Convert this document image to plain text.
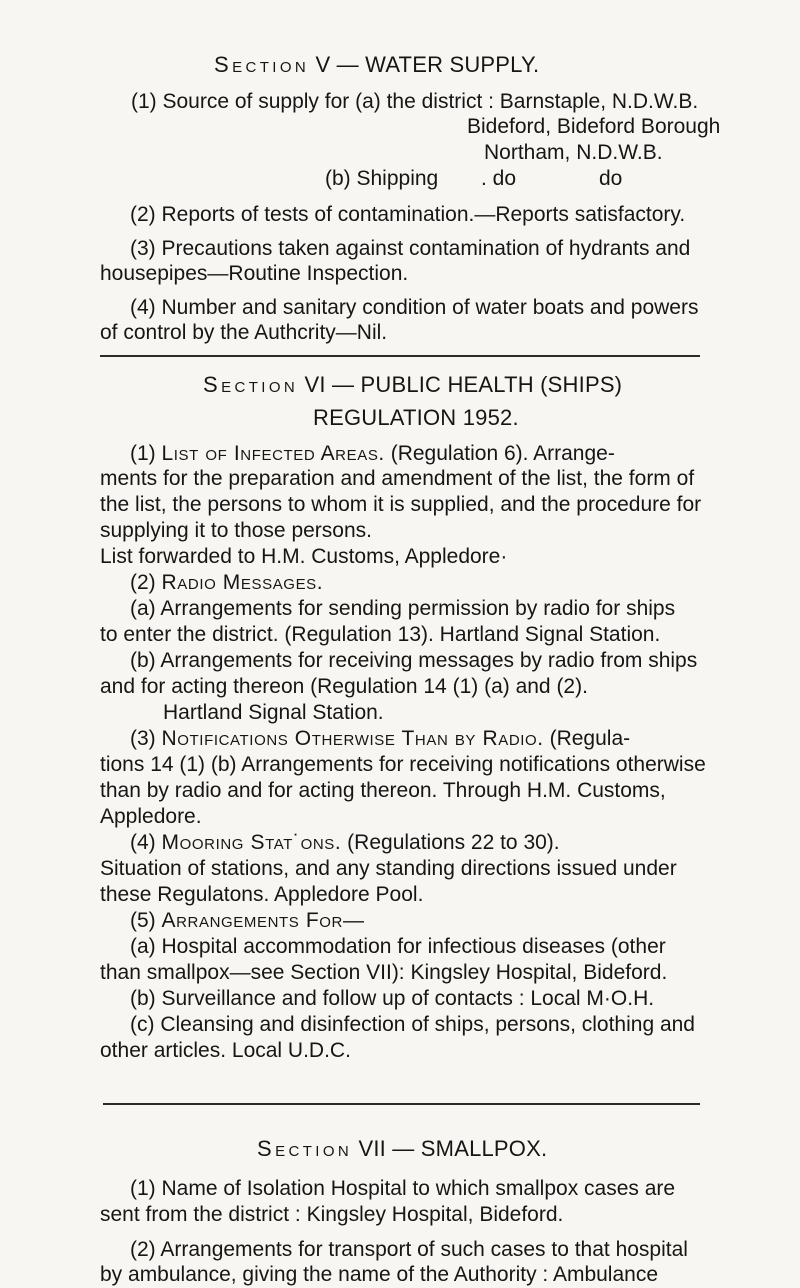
Section V — WATER SUPPLY.
(1) Source of supply for (a) the district : Barnstaple, N.D.W.B.
Bideford, Bideford Borough
Northam, N.D.W.B.
(b) Shipping . do	do
(2) Reports of tests of contamination.—Reports satisfactory.
(3) Precautions taken against contamination of hydrants and
housepipes—Routine Inspection.
(4) Number and sanitary condition of water boats and powers
of control by the Authcrity—Nil.
Section VI — PUBLIC HEALTH (SHIPS)
REGULATION 1952.
(1) List of Infected Areas. (Regulation 6). Arrange-
ments for the preparation and amendment of the list, the form of
the list, the persons to whom it is supplied, and the procedure for
supplying it to those persons.
List forwarded to H.M. Customs, Appledore·
(2) Radio Messages.
(a) Arrangements for sending permission by radio for ships
to enter the district. (Regulation 13). Hartland Signal Station.
(b) Arrangements for receiving messages by radio from ships
and for acting thereon (Regulation 14 (1) (a) and (2).
Hartland Signal Station.
(3) Notifications Otherwise Than by Radio. (Regula-
tions 14 (1) (b) Arrangements for receiving notifications otherwise
than by radio and for acting thereon. Through H.M. Customs,
Appledore.
(4) Mooring Stat˙ons. (Regulations 22 to 30).
Situation of stations, and any standing directions issued under
these Regulatons. Appledore Pool.
(5) Arrangements For—
(a) Hospital accommodation for infectious diseases (other
than smallpox—see Section VII): Kingsley Hospital, Bideford.
(b) Surveillance and follow up of contacts : Local M·O.H.
(c) Cleansing and disinfection of ships, persons, clothing and
other articles. Local U.D.C.
Section VII — SMALLPOX.
(1) Name of Isolation Hospital to which smallpox cases are
sent from the district : Kingsley Hospital, Bideford.
(2) Arrangements for transport of such cases to that hospital
by ambulance, giving the name of the Authority : Ambulance
